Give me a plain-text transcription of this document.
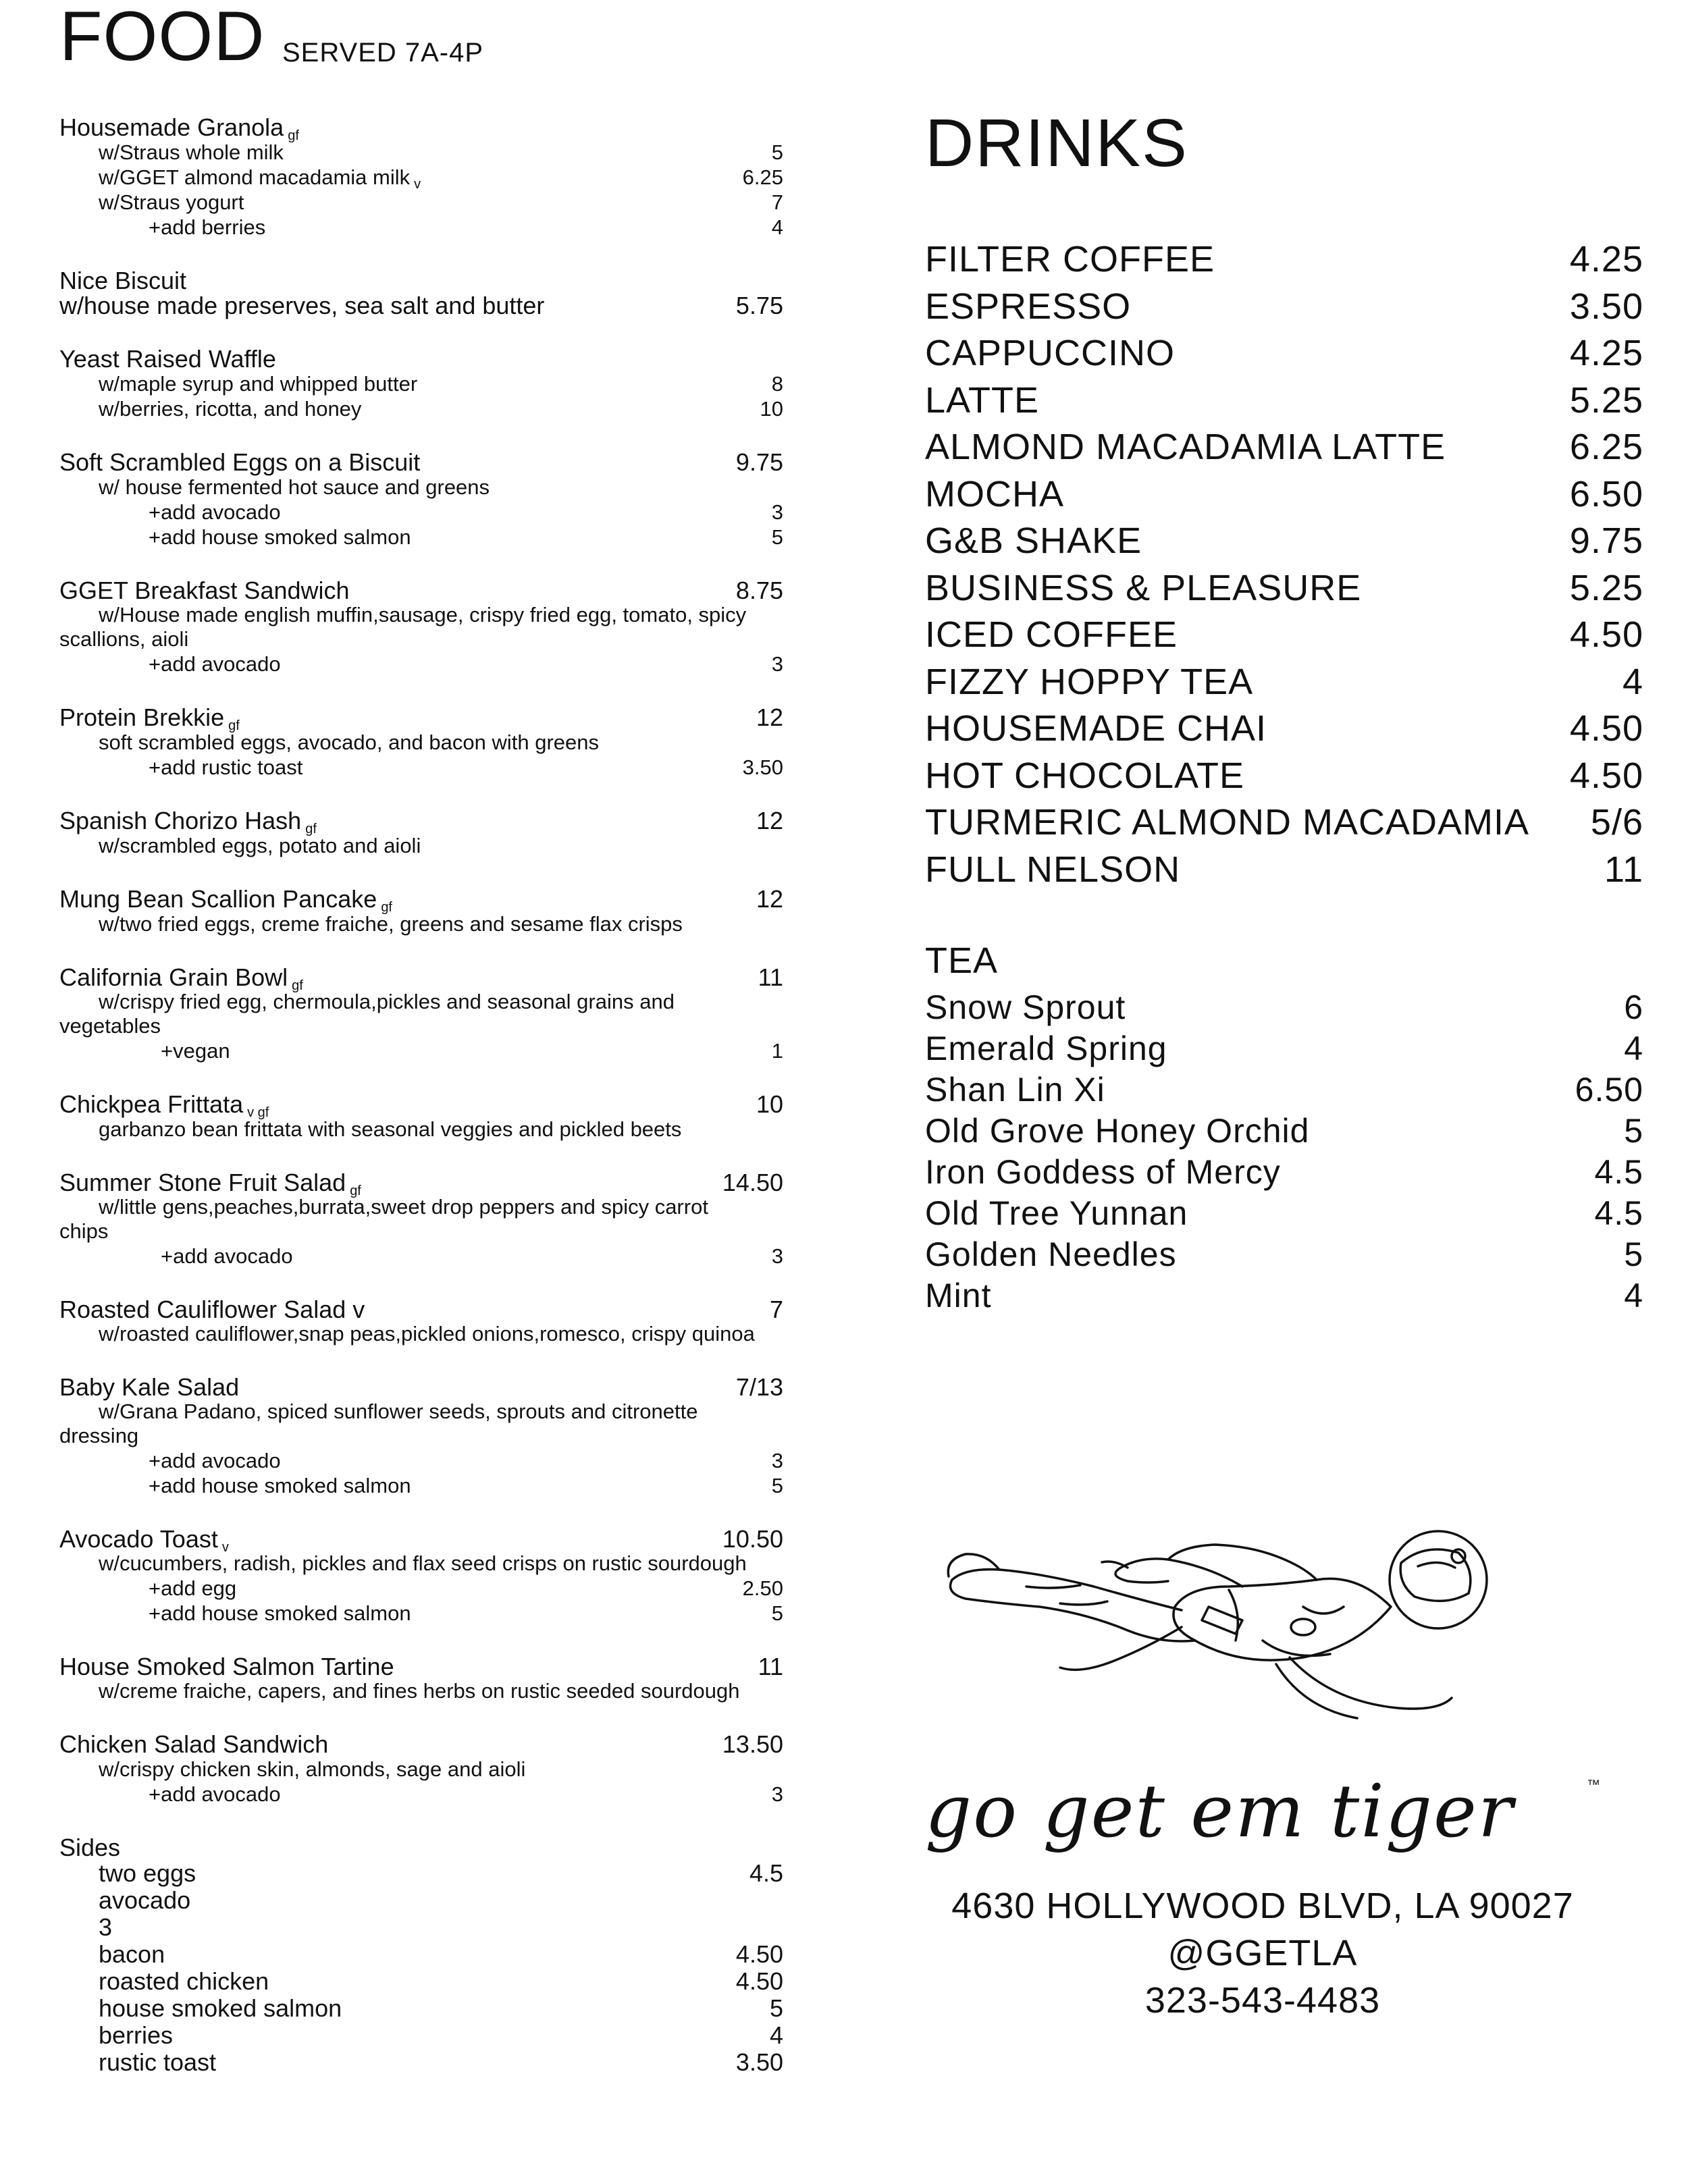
FOOD SERVED 7A-4P
Housemade Granola gf
w/Straus whole milk	5
w/GGET almond macadamia milk v	6.25
w/Straus yogurt	7
+add berries	4
Nice Biscuit
w/house made preserves, sea salt and butter	5.75
Yeast Raised Waffle
w/maple syrup and whipped butter	8
w/berries, ricotta, and honey	10
Soft Scrambled Eggs on a Biscuit	9.75
w/ house fermented hot sauce and greens
+add avocado	3
+add house smoked salmon	5
GGET Breakfast Sandwich	8.75
w/House made english muffin,sausage, crispy fried egg, tomato, spicy scallions, aioli
+add avocado	3
Protein Brekkie gf	12
soft scrambled eggs, avocado, and bacon with greens
+add rustic toast	3.50
Spanish Chorizo Hash gf	12
w/scrambled eggs, potato and aioli
Mung Bean Scallion Pancake gf	12
w/two fried eggs, creme fraiche, greens and sesame flax crisps
California Grain Bowl gf	11
w/crispy fried egg, chermoula,pickles and seasonal grains and vegetables
+vegan	1
Chickpea Frittata v gf	10
garbanzo bean frittata with seasonal veggies and pickled beets
Summer Stone Fruit Salad gf	14.50
w/little gens,peaches,burrata,sweet drop peppers and spicy carrot chips
+add avocado	3
Roasted Cauliflower Salad v	7
w/roasted cauliflower,snap peas,pickled onions,romesco, crispy quinoa
Baby Kale Salad	7/13
w/Grana Padano, spiced sunflower seeds, sprouts and citronette dressing
+add avocado	3
+add house smoked salmon	5
Avocado Toast v	10.50
w/cucumbers, radish, pickles and flax seed crisps on rustic sourdough
+add egg	2.50
+add house smoked salmon	5
House Smoked Salmon Tartine	11
w/creme fraiche, capers, and fines herbs on rustic seeded sourdough
Chicken Salad Sandwich	13.50
w/crispy chicken skin, almonds, sage and aioli
+add avocado	3
Sides
two eggs	4.5
avocado
3
bacon	4.50
roasted chicken	4.50
house smoked salmon	5
berries	4
rustic toast	3.50
DRINKS
FILTER COFFEE	4.25
ESPRESSO	3.50
CAPPUCCINO	4.25
LATTE	5.25
ALMOND MACADAMIA LATTE	6.25
MOCHA	6.50
G&B SHAKE	9.75
BUSINESS & PLEASURE	5.25
ICED COFFEE	4.50
FIZZY HOPPY TEA	4
HOUSEMADE CHAI	4.50
HOT CHOCOLATE	4.50
TURMERIC ALMOND MACADAMIA 5/6
FULL NELSON	11
TEA
Snow Sprout	6
Emerald Spring	4
Shan Lin Xi	6.50
Old Grove Honey Orchid	5
Iron Goddess of Mercy	4.5
Old Tree Yunnan	4.5
Golden Needles	5
Mint	4
go get em tiger	™
4630 HOLLYWOOD BLVD, LA 90027
@GGETLA
323-543-4483
